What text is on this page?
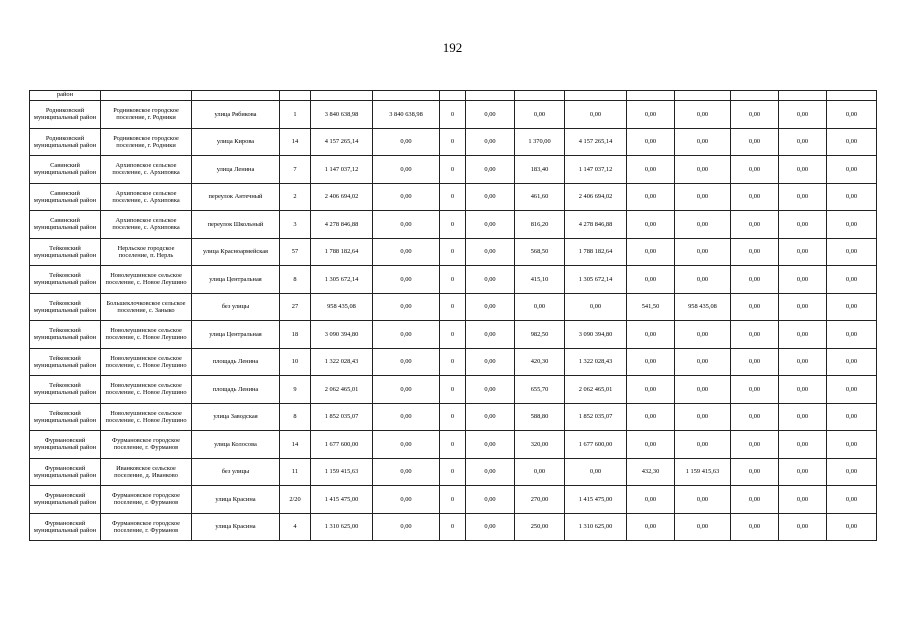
192
район														
Родниковский муниципальный район	Родниковское городское поселение, г. Родники	улица Рябикова	1	3 840 638,98	3 840 638,98	0	0,00	0,00	0,00	0,00	0,00	0,00	0,00	0,00
Родниковский муниципальный район	Родниковское городское поселение, г. Родники	улица Кирова	14	4 157 265,14	0,00	0	0,00	1 370,00	4 157 265,14	0,00	0,00	0,00	0,00	0,00
Савинский муниципальный район	Архиповское сельское поселение, с. Архиповка	улица Ленина	7	1 147 037,12	0,00	0	0,00	183,40	1 147 037,12	0,00	0,00	0,00	0,00	0,00
Савинский муниципальный район	Архиповское сельское поселение, с. Архиповка	переулок Антечный	2	2 406 694,02	0,00	0	0,00	461,60	2 406 694,02	0,00	0,00	0,00	0,00	0,00
Савинский муниципальный район	Архиповское сельское поселение, с. Архиповка	переулок Школьный	3	4 278 846,88	0,00	0	0,00	816,20	4 278 846,88	0,00	0,00	0,00	0,00	0,00
Тейковский муниципальный район	Нерльское городское поселение, п. Нерль	улица Красноармейская	57	1 788 182,64	0,00	0	0,00	568,50	1 788 182,64	0,00	0,00	0,00	0,00	0,00
Тейковский муниципальный район	Новолеушинское сельское поселение, с. Новое Леушино	улица Центральная	8	1 305 672,14	0,00	0	0,00	415,10	1 305 672,14	0,00	0,00	0,00	0,00	0,00
Тейковский муниципальный район	Большеклочковское сельское поселение, с. Заныко	без улицы	27	958 435,08	0,00	0	0,00	0,00	0,00	541,50	958 435,08	0,00	0,00	0,00
Тейковский муниципальный район	Новолеушинское сельское поселение, с. Новое Леушино	улица Центральная	18	3 090 394,80	0,00	0	0,00	982,50	3 090 394,80	0,00	0,00	0,00	0,00	0,00
Тейковский муниципальный район	Новолеушинское сельское поселение, с. Новое Леушино	площадь Ленина	10	1 322 028,43	0,00	0	0,00	420,30	1 322 028,43	0,00	0,00	0,00	0,00	0,00
Тейковский муниципальный район	Новолеушинское сельское поселение, с. Новое Леушино	площадь Ленина	9	2 062 465,01	0,00	0	0,00	655,70	2 062 465,01	0,00	0,00	0,00	0,00	0,00
Тейковский муниципальный район	Новолеушинское сельское поселение, с. Новое Леушино	улица Заводская	8	1 852 035,07	0,00	0	0,00	588,80	1 852 035,07	0,00	0,00	0,00	0,00	0,00
Фурмановский муниципальный район	Фурмановское городское поселение, г. Фурманов	улица Колосова	14	1 677 600,00	0,00	0	0,00	320,00	1 677 600,00	0,00	0,00	0,00	0,00	0,00
Фурмановский муниципальный район	Иванковское сельское поселение, д. Иванково	без улицы	11	1 159 415,63	0,00	0	0,00	0,00	0,00	432,30	1 159 415,63	0,00	0,00	0,00
Фурмановский муниципальный район	Фурмановское городское поселение, г. Фурманов	улица Красина	2/20	1 415 475,00	0,00	0	0,00	270,00	1 415 475,00	0,00	0,00	0,00	0,00	0,00
Фурмановский муниципальный район	Фурмановское городское поселение, г. Фурманов	улица Красина	4	1 310 625,00	0,00	0	0,00	250,00	1 310 625,00	0,00	0,00	0,00	0,00	0,00
